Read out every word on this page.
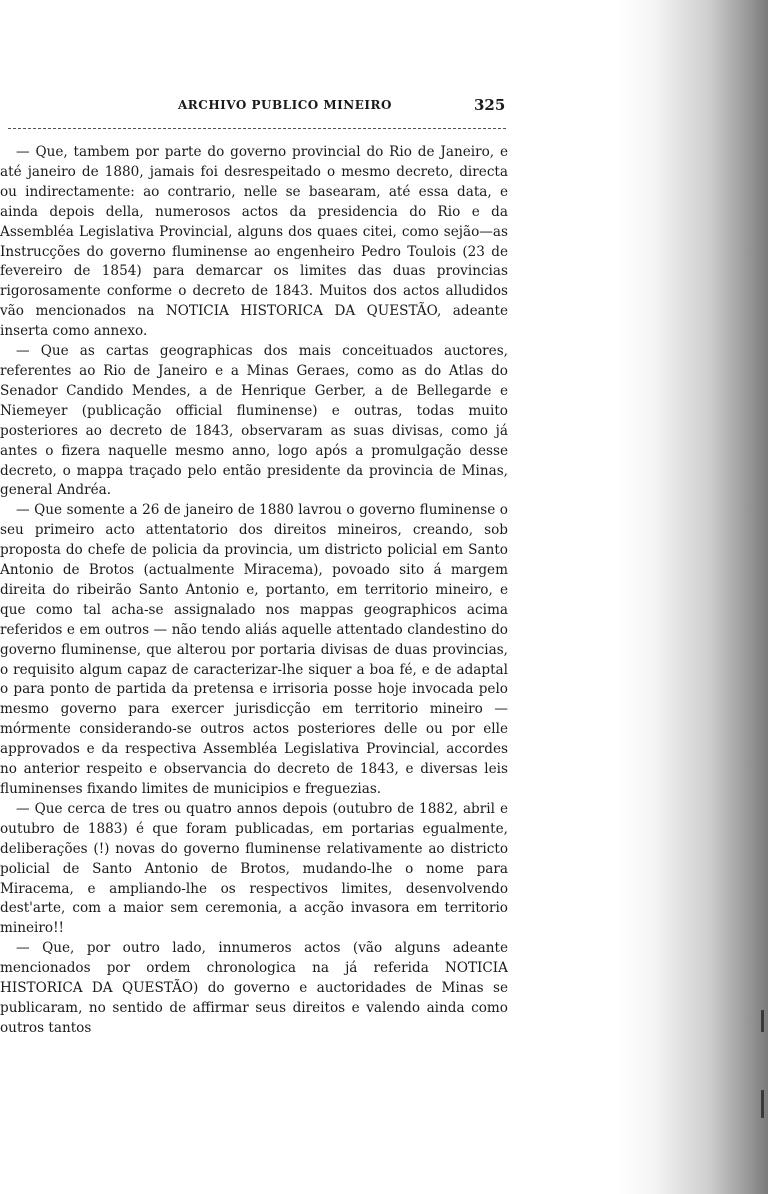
ARCHIVO PUBLICO MINEIRO	325

— Que, tambem por parte do governo provincial do Rio de Janeiro, e até janeiro de 1880, jamais foi desrespeitado o mesmo decreto, directa ou indirectamente: ao contrario, nelle se basearam, até essa data, e ainda depois della, numerosos actos da presidencia do Rio e da Assembléa Legislativa Provincial, alguns dos quaes citei, como sejão—as Instrucções do governo fluminense ao engenheiro Pedro Toulois (23 de fevereiro de 1854) para demarcar os limites das duas provincias rigorosamente conforme o decreto de 1843. Muitos dos actos alludidos vão mencionados na NOTICIA HISTORICA DA QUESTÃO, adeante inserta como annexo.

— Que as cartas geographicas dos mais conceituados auctores, referentes ao Rio de Janeiro e a Minas Geraes, como as do Atlas do Senador Candido Mendes, a de Henrique Gerber, a de Bellegarde e Niemeyer (publicação official fluminense) e outras, todas muito posteriores ao decreto de 1843, observaram as suas divisas, como já antes o fizera naquelle mesmo anno, logo após a promulgação desse decreto, o mappa traçado pelo então presidente da provincia de Minas, general Andréa.

— Que somente a 26 de janeiro de 1880 lavrou o governo fluminense o seu primeiro acto attentatorio dos direitos mineiros, creando, sob proposta do chefe de policia da provincia, um districto policial em Santo Antonio de Brotos (actualmente Miracema), povoado sito á margem direita do ribeirão Santo Antonio e, portanto, em territorio mineiro, e que como tal acha-se assignalado nos mappas geographicos acima referidos e em outros — não tendo aliás aquelle attentado clandestino do governo fluminense, que alterou por portaria divisas de duas provincias, o requisito algum capaz de caracterizar-lhe siquer a boa fé, e de adaptal o para ponto de partida da pretensa e irrisoria posse hoje invocada pelo mesmo governo para exercer jurisdicção em territorio mineiro — mórmente considerando-se outros actos posteriores delle ou por elle approvados e da respectiva Assembléa Legislativa Provincial, accordes no anterior respeito e observancia do decreto de 1843, e diversas leis fluminenses fixando limites de municipios e freguezias.

— Que cerca de tres ou quatro annos depois (outubro de 1882, abril e outubro de 1883) é que foram publicadas, em portarias egualmente, deliberações (!) novas do governo fluminense relativamente ao districto policial de Santo Antonio de Brotos, mudando-lhe o nome para Miracema, e ampliando-lhe os respectivos limites, desenvolvendo dest'arte, com a maior sem ceremonia, a acção invasora em territorio mineiro!!

— Que, por outro lado, innumeros actos (vão alguns adeante mencionados por ordem chronologica na já referida NOTICIA HISTORICA DA QUESTÃO) do governo e auctoridades de Minas se publicaram, no sentido de affirmar seus direitos e valendo ainda como outros tantos
